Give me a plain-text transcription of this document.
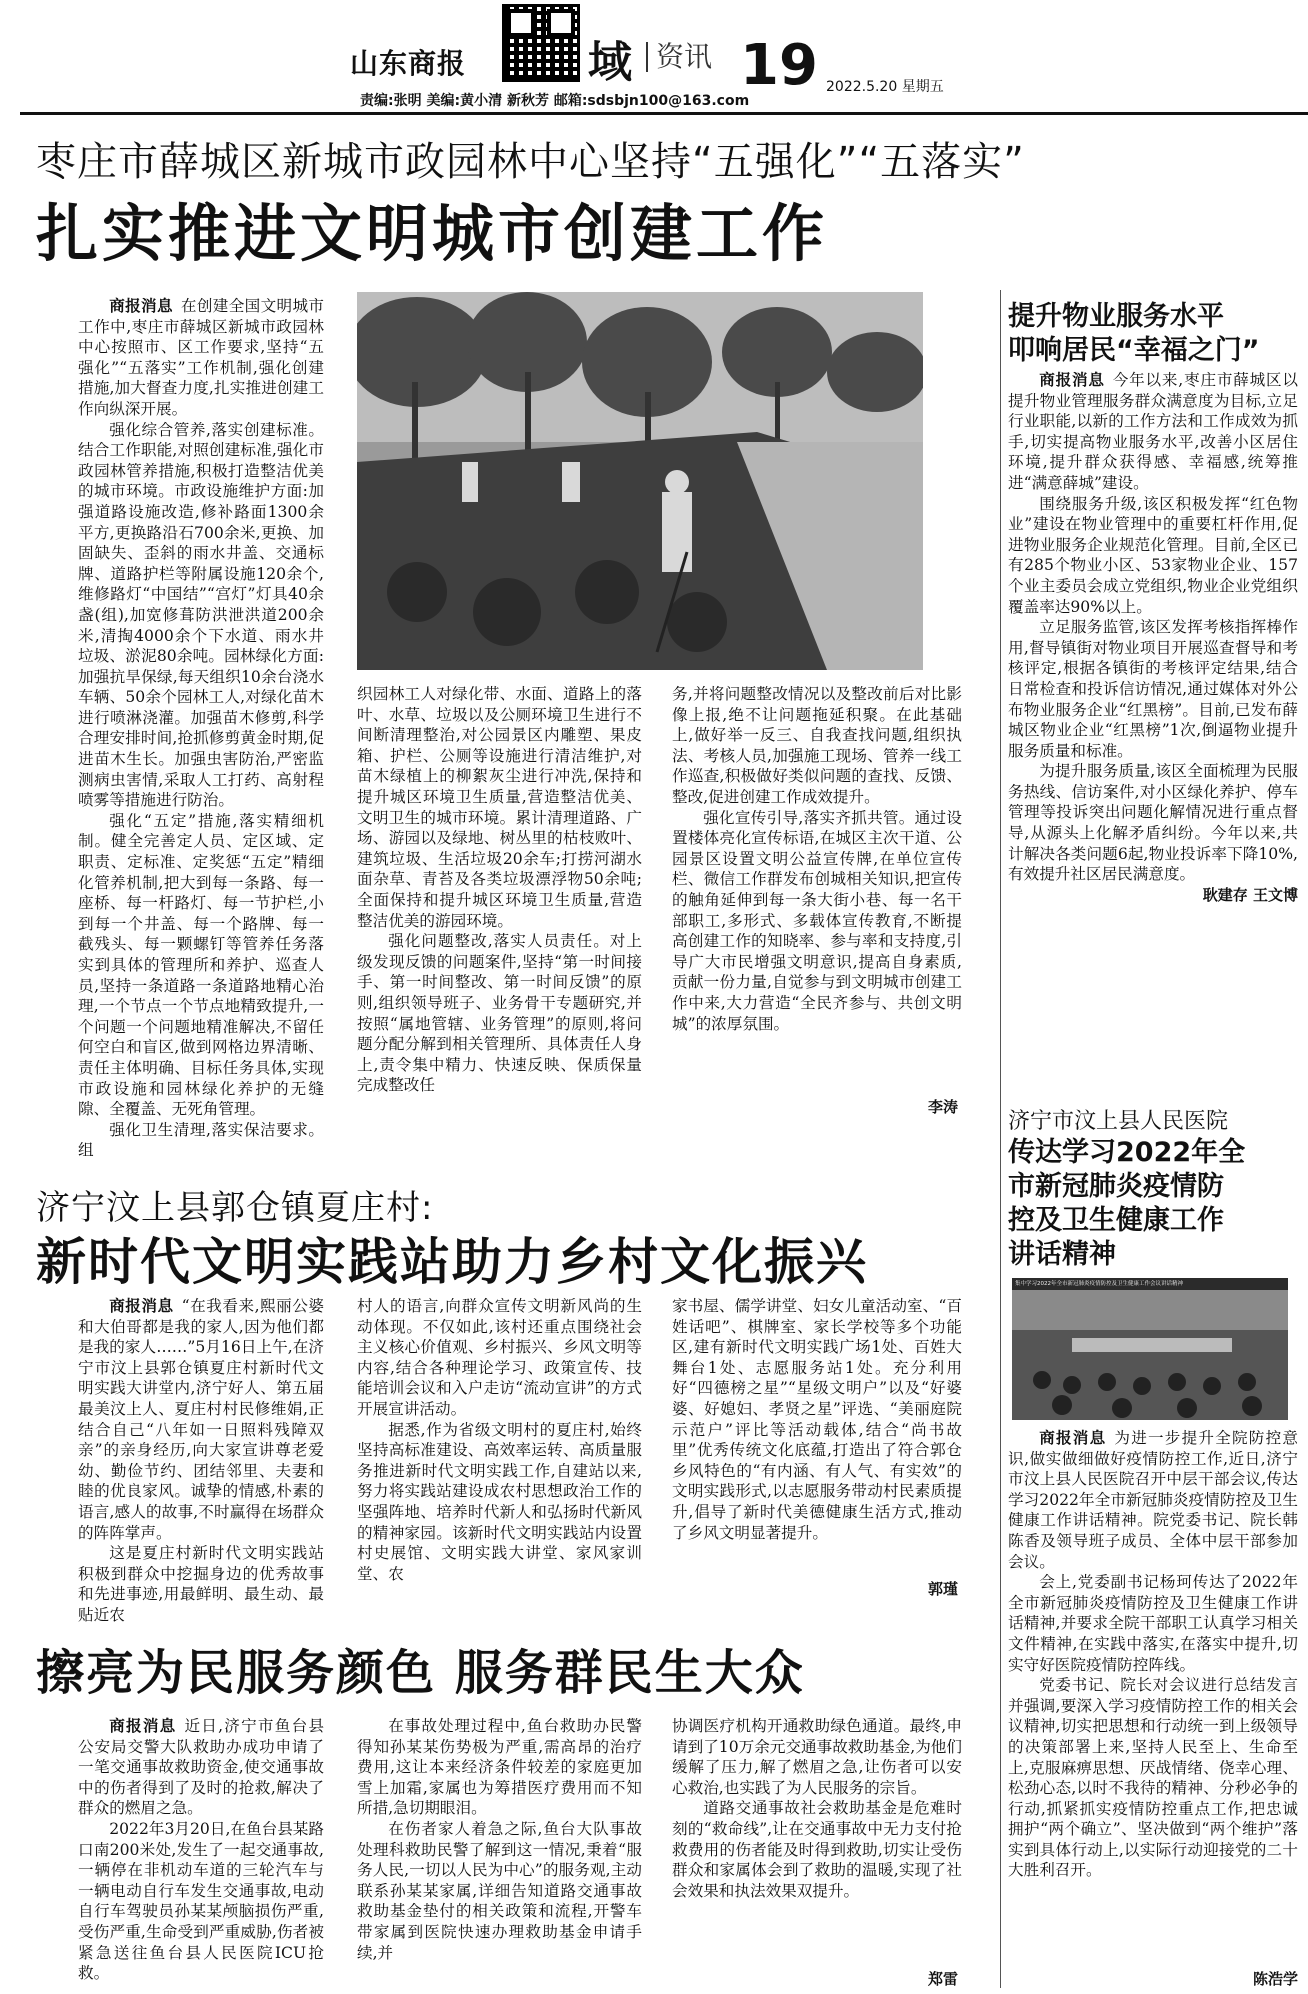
山东商报	域 资讯 19 2022.5.20 星期五
责编:张明 美编:黄小清 新秋芳 邮箱:sdsbjn100@163.com
枣庄市薛城区新城市政园林中心坚持“五强化”“五落实”
扎实推进文明城市创建工作

商报消息 在创建全国文明城市工作中,枣庄市薛城区新城市政园林中心按照市、区工作要求,坚持“五强化”“五落实”工作机制,强化创建措施,加大督查力度,扎实推进创建工作向纵深开展。

强化综合管养,落实创建标准。结合工作职能,对照创建标准,强化市政园林管养措施,积极打造整洁优美的城市环境。市政设施维护方面:加强道路设施改造,修补路面1300余平方,更换路沿石700余米,更换、加固缺失、歪斜的雨水井盖、交通标牌、道路护栏等附属设施120余个,维修路灯“中国结”“宫灯”灯具40余盏(组),加宽修葺防洪泄洪道200余米,清掏4000余个下水道、雨水井垃圾、淤泥80余吨。园林绿化方面:加强抗旱保绿,每天组织10余台浇水车辆、50余个园林工人,对绿化苗木进行喷淋浇灌。加强苗木修剪,科学合理安排时间,抢抓修剪黄金时期,促进苗木生长。加强虫害防治,严密监测病虫害情,采取人工打药、高射程喷雾等措施进行防治。

强化“五定”措施,落实精细机制。健全完善定人员、定区域、定职责、定标准、定奖惩“五定”精细化管养机制,把大到每一条路、每一座桥、每一杆路灯、每一节护栏,小到每一个井盖、每一个路牌、每一截残头、每一颗螺钉等管养任务落实到具体的管理所和养护、巡查人员,坚持一条道路一条道路地精心治理,一个节点一个节点地精致提升,一个问题一个问题地精准解决,不留任何空白和盲区,做到网格边界清晰、责任主体明确、目标任务具体,实现市政设施和园林绿化养护的无缝隙、全覆盖、无死角管理。

强化卫生清理,落实保洁要求。组

织园林工人对绿化带、水面、道路上的落叶、水草、垃圾以及公厕环境卫生进行不间断清理整治,对公园景区内雕塑、果皮箱、护栏、公厕等设施进行清洁维护,对苗木绿植上的柳絮灰尘进行冲洗,保持和提升城区环境卫生质量,营造整洁优美、文明卫生的城市环境。累计清理道路、广场、游园以及绿地、树丛里的枯枝败叶、建筑垃圾、生活垃圾20余车;打捞河湖水面杂草、青苔及各类垃圾漂浮物50余吨;全面保持和提升城区环境卫生质量,营造整洁优美的游园环境。

强化问题整改,落实人员责任。对上级发现反馈的问题案件,坚持“第一时间接手、第一时间整改、第一时间反馈”的原则,组织领导班子、业务骨干专题研究,并按照“属地管辖、业务管理”的原则,将问题分配分解到相关管理所、具体责任人身上,责令集中精力、快速反映、保质保量完成整改任

务,并将问题整改情况以及整改前后对比影像上报,绝不让问题拖延积聚。在此基础上,做好举一反三、自我查找问题,组织执法、考核人员,加强施工现场、管养一线工作巡查,积极做好类似问题的查找、反馈、整改,促进创建工作成效提升。

强化宣传引导,落实齐抓共管。通过设置楼体亮化宣传标语,在城区主次干道、公园景区设置文明公益宣传牌,在单位宣传栏、微信工作群发布创城相关知识,把宣传的触角延伸到每一条大街小巷、每一名干部职工,多形式、多载体宣传教育,不断提高创建工作的知晓率、参与率和支持度,引导广大市民增强文明意识,提高自身素质,贡献一份力量,自觉参与到文明城市创建工作中来,大力营造“全民齐参与、共创文明城”的浓厚氛围。

李涛
提升物业服务水平
叩响居民“幸福之门”

商报消息 今年以来,枣庄市薛城区以提升物业管理服务群众满意度为目标,立足行业职能,以新的工作方法和工作成效为抓手,切实提高物业服务水平,改善小区居住环境,提升群众获得感、幸福感,统筹推进“满意薛城”建设。

围绕服务升级,该区积极发挥“红色物业”建设在物业管理中的重要杠杆作用,促进物业服务企业规范化管理。目前,全区已有285个物业小区、53家物业企业、157个业主委员会成立党组织,物业企业党组织覆盖率达90%以上。

立足服务监管,该区发挥考核指挥棒作用,督导镇街对物业项目开展巡查督导和考核评定,根据各镇街的考核评定结果,结合日常检查和投诉信访情况,通过媒体对外公布物业服务企业“红黑榜”。目前,已发布薛城区物业企业“红黑榜”1次,倒逼物业提升服务质量和标准。

为提升服务质量,该区全面梳理为民服务热线、信访案件,对小区绿化养护、停车管理等投诉突出问题化解情况进行重点督导,从源头上化解矛盾纠纷。今年以来,共计解决各类问题6起,物业投诉率下降10%,有效提升社区居民满意度。

耿建存 王文博
济宁市汶上县人民医院
传达学习2022年全
市新冠肺炎疫情防
控及卫生健康工作
讲话精神
集中学习2022年全市新冠肺炎疫情防控及卫生健康工作会议讲话精神

商报消息 为进一步提升全院防控意识,做实做细做好疫情防控工作,近日,济宁市汶上县人民医院召开中层干部会议,传达学习2022年全市新冠肺炎疫情防控及卫生健康工作讲话精神。院党委书记、院长韩陈香及领导班子成员、全体中层干部参加会议。

会上,党委副书记杨珂传达了2022年全市新冠肺炎疫情防控及卫生健康工作讲话精神,并要求全院干部职工认真学习相关文件精神,在实践中落实,在落实中提升,切实守好医院疫情防控阵线。

党委书记、院长对会议进行总结发言并强调,要深入学习疫情防控工作的相关会议精神,切实把思想和行动统一到上级领导的决策部署上来,坚持人民至上、生命至上,克服麻痹思想、厌战情绪、侥幸心理、松劲心态,以时不我待的精神、分秒必争的行动,抓紧抓实疫情防控重点工作,把忠诚拥护“两个确立”、坚决做到“两个维护”落实到具体行动上,以实际行动迎接党的二十大胜利召开。

陈浩学
济宁汶上县郭仓镇夏庄村:
新时代文明实践站助力乡村文化振兴

商报消息 “在我看来,熙丽公婆和大伯哥都是我的家人,因为他们都是我的家人……”5月16日上午,在济宁市汶上县郭仓镇夏庄村新时代文明实践大讲堂内,济宁好人、第五届最美汶上人、夏庄村村民修维娟,正结合自己“八年如一日照料残障双亲”的亲身经历,向大家宣讲尊老爱幼、勤俭节约、团结邻里、夫妻和睦的优良家风。诚挚的情感,朴素的语言,感人的故事,不时赢得在场群众的阵阵掌声。

这是夏庄村新时代文明实践站积极到群众中挖掘身边的优秀故事和先进事迹,用最鲜明、最生动、最贴近农

村人的语言,向群众宣传文明新风尚的生动体现。不仅如此,该村还重点围绕社会主义核心价值观、乡村振兴、乡风文明等内容,结合各种理论学习、政策宣传、技能培训会议和入户走访“流动宣讲”的方式开展宣讲活动。

据悉,作为省级文明村的夏庄村,始终坚持高标准建设、高效率运转、高质量服务推进新时代文明实践工作,自建站以来,努力将实践站建设成农村思想政治工作的坚强阵地、培养时代新人和弘扬时代新风的精神家园。该新时代文明实践站内设置村史展馆、文明实践大讲堂、家风家训堂、农

家书屋、儒学讲堂、妇女儿童活动室、“百姓话吧”、棋牌室、家长学校等多个功能区,建有新时代文明实践广场1处、百姓大舞台1处、志愿服务站1处。充分利用好“四德榜之星”“星级文明户”以及“好婆婆、好媳妇、孝贤之星”评选、“美丽庭院示范户”评比等活动载体,结合“尚书故里”优秀传统文化底蕴,打造出了符合郭仓乡风特色的“有内涵、有人气、有实效”的文明实践形式,以志愿服务带动村民素质提升,倡导了新时代美德健康生活方式,推动了乡风文明显著提升。

郭瑾
擦亮为民服务颜色 服务群民生大众

商报消息 近日,济宁市鱼台县公安局交警大队救助办成功申请了一笔交通事故救助资金,使交通事故中的伤者得到了及时的抢救,解决了群众的燃眉之急。

2022年3月20日,在鱼台县某路口南200米处,发生了一起交通事故,一辆停在非机动车道的三轮汽车与一辆电动自行车发生交通事故,电动自行车驾驶员孙某某颅脑损伤严重,受伤严重,生命受到严重威胁,伤者被紧急送往鱼台县人民医院ICU抢救。

在事故处理过程中,鱼台救助办民警得知孙某某伤势极为严重,需高昂的治疗费用,这让本来经济条件较差的家庭更加雪上加霜,家属也为筹措医疗费用而不知所措,急切期眼泪。

在伤者家人着急之际,鱼台大队事故处理科救助民警了解到这一情况,秉着“服务人民,一切以人民为中心”的服务观,主动联系孙某某家属,详细告知道路交通事故救助基金垫付的相关政策和流程,开警车带家属到医院快速办理救助基金申请手续,并

协调医疗机构开通救助绿色通道。最终,申请到了10万余元交通事故救助基金,为他们缓解了压力,解了燃眉之急,让伤者可以安心救治,也实践了为人民服务的宗旨。

道路交通事故社会救助基金是危难时刻的“救命线”,让在交通事故中无力支付抢救费用的伤者能及时得到救助,切实让受伤群众和家属体会到了救助的温暖,实现了社会效果和执法效果双提升。

郑雷
